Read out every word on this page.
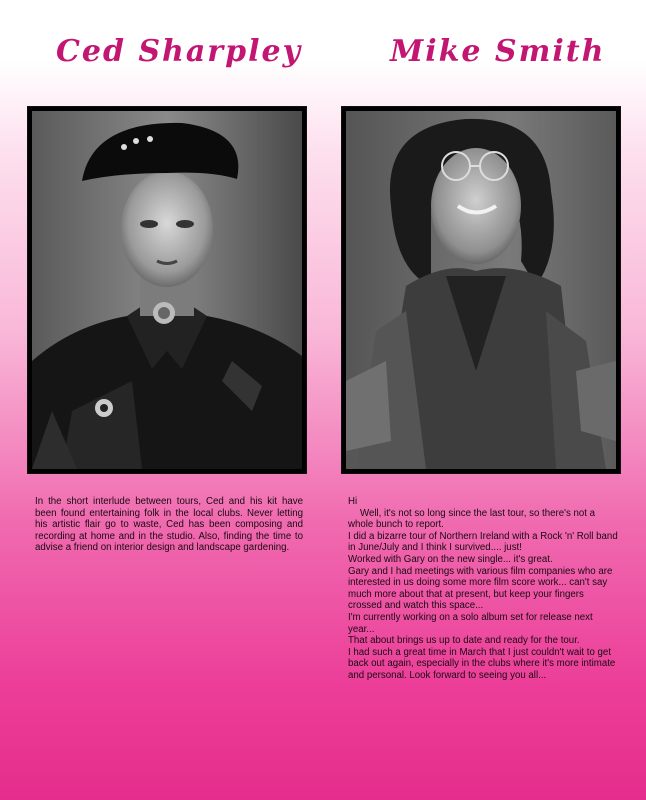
Ced Sharpley	Mike Smith

In the short interlude between tours, Ced and his kit have been found entertaining folk in the local clubs. Never letting his artistic flair go to waste, Ced has been composing and recording at home and in the studio. Also, finding the time to advise a friend on interior design and landscape gardening.

Hi

Well, it's not so long since the last tour, so there's not a whole bunch to report.

I did a bizarre tour of Northern Ireland with a Rock 'n' Roll band in June/July and I think I survived.... just!

Worked with Gary on the new single... it's great.

Gary and I had meetings with various film companies who are interested in us doing some more film score work... can't say much more about that at present, but keep your fingers crossed and watch this space...

I'm currently working on a solo album set for release next year...

That about brings us up to date and ready for the tour.

I had such a great time in March that I just couldn't wait to get back out again, especially in the clubs where it's more intimate and personal. Look forward to seeing you all...
